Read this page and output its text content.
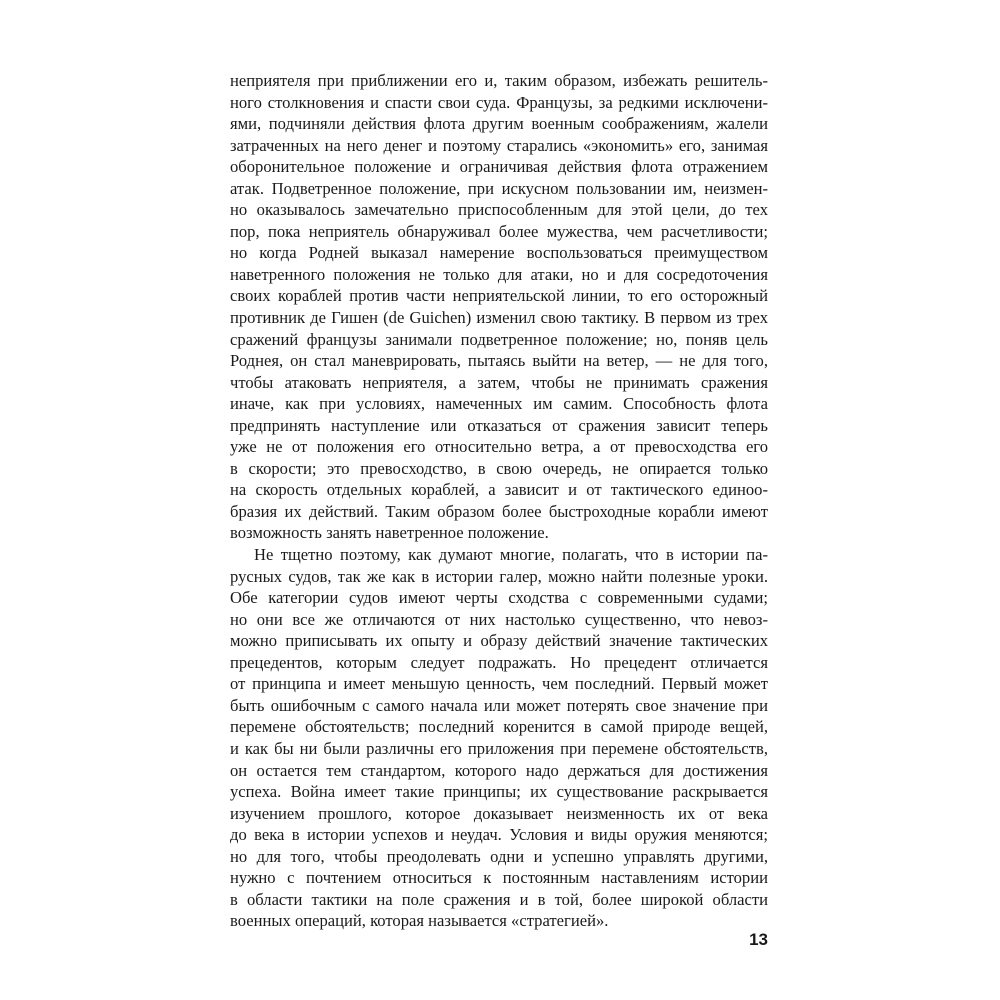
неприятеля при приближении его и, таким образом, избежать решитель-
ного столкновения и спасти свои суда. Французы, за редкими исключени-
ями, подчиняли действия флота другим военным соображениям, жалели
затраченных на него денег и поэтому старались «экономить» его, занимая
оборонительное положение и ограничивая действия флота отражением
атак. Подветренное положение, при искусном пользовании им, неизмен-
но оказывалось замечательно приспособленным для этой цели, до тех
пор, пока неприятель обнаруживал более мужества, чем расчетливости;
но когда Родней выказал намерение воспользоваться преимуществом
наветренного положения не только для атаки, но и для сосредоточения
своих кораблей против части неприятельской линии, то его осторожный
противник де Гишен (de Guichen) изменил свою тактику. В первом из трех
сражений французы занимали подветренное положение; но, поняв цель
Роднея, он стал маневрировать, пытаясь выйти на ветер, — не для того,
чтобы атаковать неприятеля, а затем, чтобы не принимать сражения
иначе, как при условиях, намеченных им самим. Способность флота
предпринять наступление или отказаться от сражения зависит теперь
уже не от положения его относительно ветра, а от превосходства его
в скорости; это превосходство, в свою очередь, не опирается только
на скорость отдельных кораблей, а зависит и от тактического единоо-
бразия их действий. Таким образом более быстроходные корабли имеют
возможность занять наветренное положение.
Не тщетно поэтому, как думают многие, полагать, что в истории па-
русных судов, так же как в истории галер, можно найти полезные уроки.
Обе категории судов имеют черты сходства с современными судами;
но они все же отличаются от них настолько существенно, что невоз-
можно приписывать их опыту и образу действий значение тактических
прецедентов, которым следует подражать. Но прецедент отличается
от принципа и имеет меньшую ценность, чем последний. Первый может
быть ошибочным с самого начала или может потерять свое значение при
перемене обстоятельств; последний коренится в самой природе вещей,
и как бы ни были различны его приложения при перемене обстоятельств,
он остается тем стандартом, которого надо держаться для достижения
успеха. Война имеет такие принципы; их существование раскрывается
изучением прошлого, которое доказывает неизменность их от века
до века в истории успехов и неудач. Условия и виды оружия меняются;
но для того, чтобы преодолевать одни и успешно управлять другими,
нужно с почтением относиться к постоянным наставлениям истории
в области тактики на поле сражения и в той, более широкой области
военных операций, которая называется «стратегией».
13
